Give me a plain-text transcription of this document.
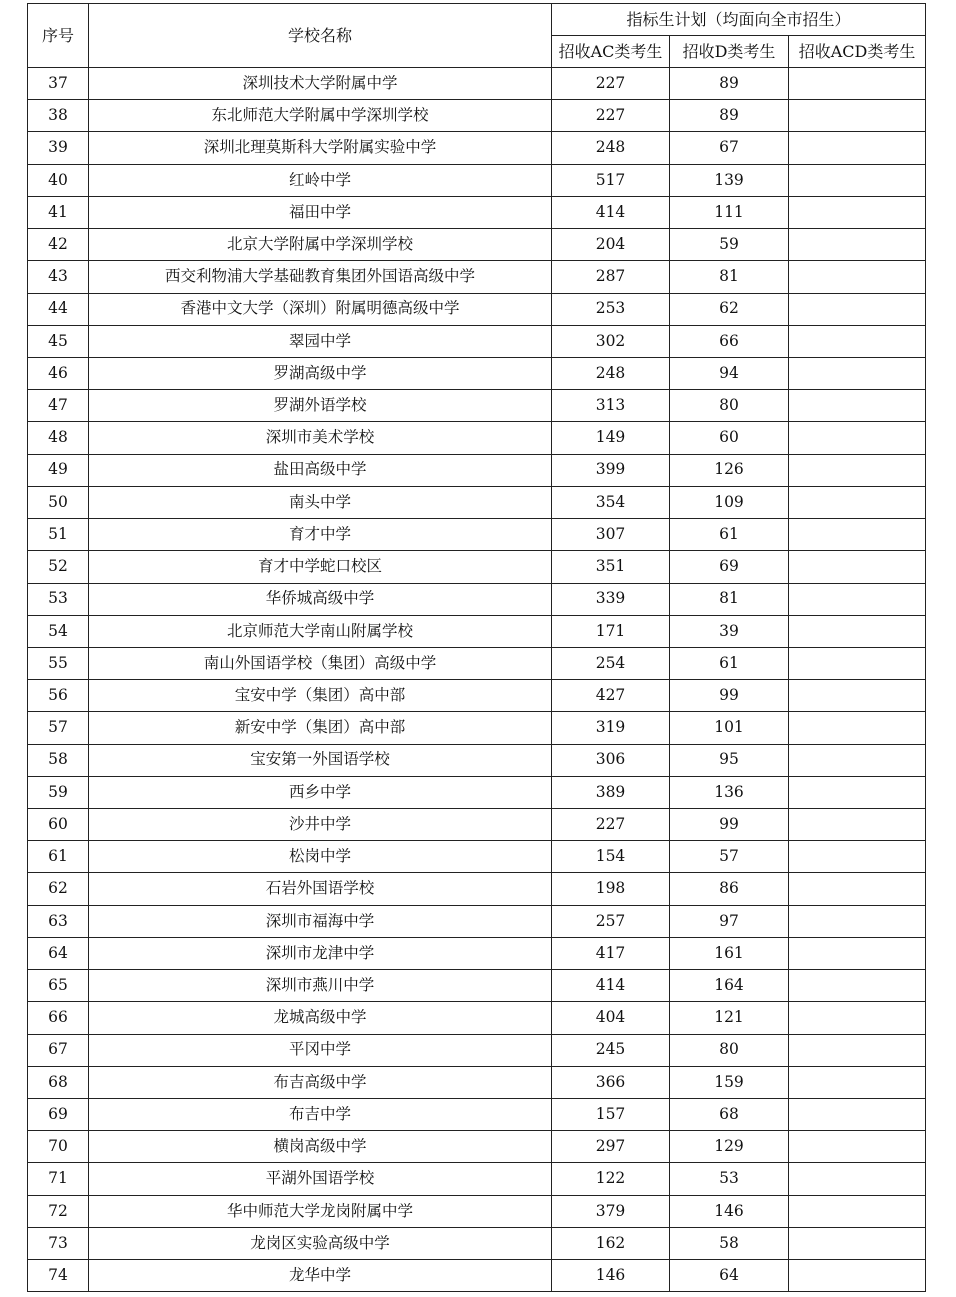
序号	学校名称	指标生计划（均面向全市招生）		
		招收AC类考生	招收D类考生	招收ACD类考生
37	深圳技术大学附属中学	227	89	
38	东北师范大学附属中学深圳学校	227	89	
39	深圳北理莫斯科大学附属实验中学	248	67	
40	红岭中学	517	139	
41	福田中学	414	111	
42	北京大学附属中学深圳学校	204	59	
43	西交利物浦大学基础教育集团外国语高级中学	287	81	
44	香港中文大学（深圳）附属明德高级中学	253	62	
45	翠园中学	302	66	
46	罗湖高级中学	248	94	
47	罗湖外语学校	313	80	
48	深圳市美术学校	149	60	
49	盐田高级中学	399	126	
50	南头中学	354	109	
51	育才中学	307	61	
52	育才中学蛇口校区	351	69	
53	华侨城高级中学	339	81	
54	北京师范大学南山附属学校	171	39	
55	南山外国语学校（集团）高级中学	254	61	
56	宝安中学（集团）高中部	427	99	
57	新安中学（集团）高中部	319	101	
58	宝安第一外国语学校	306	95	
59	西乡中学	389	136	
60	沙井中学	227	99	
61	松岗中学	154	57	
62	石岩外国语学校	198	86	
63	深圳市福海中学	257	97	
64	深圳市龙津中学	417	161	
65	深圳市燕川中学	414	164	
66	龙城高级中学	404	121	
67	平冈中学	245	80	
68	布吉高级中学	366	159	
69	布吉中学	157	68	
70	横岗高级中学	297	129	
71	平湖外国语学校	122	53	
72	华中师范大学龙岗附属中学	379	146	
73	龙岗区实验高级中学	162	58	
74	龙华中学	146	64	
